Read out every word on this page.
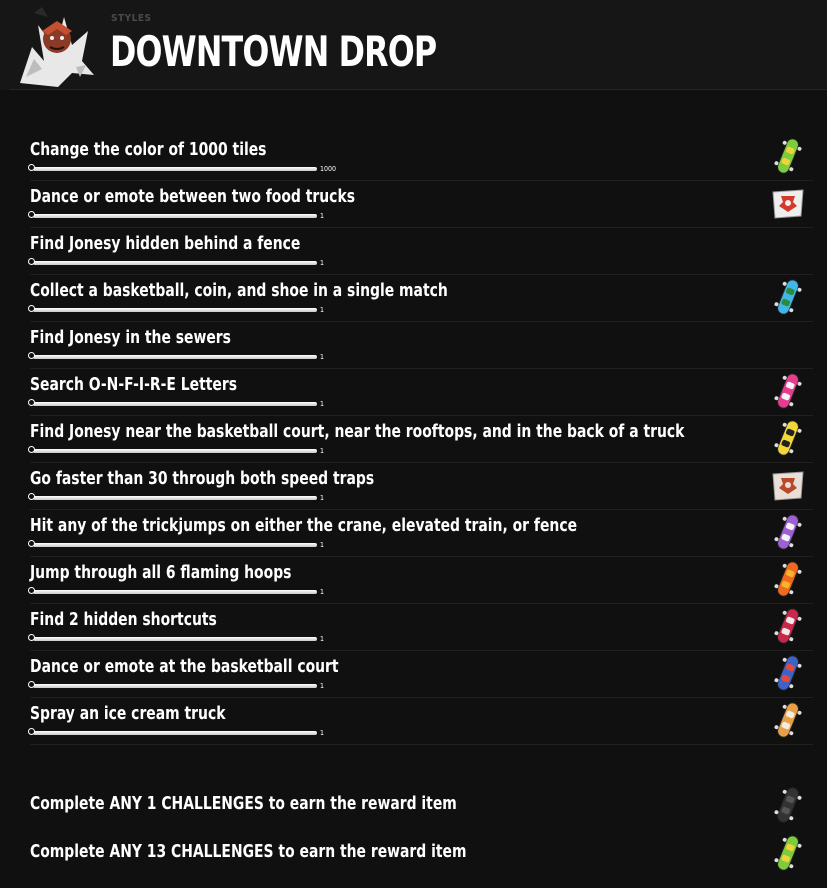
STYLES
DOWNTOWN DROP
Change the color of 1000 tiles
1000
Dance or emote between two food trucks
1
Find Jonesy hidden behind a fence
1
Collect a basketball, coin, and shoe in a single match
1
Find Jonesy in the sewers
1
Search O-N-F-I-R-E Letters
1
Find Jonesy near the basketball court, near the rooftops, and in the back of a truck
1
Go faster than 30 through both speed traps
1
Hit any of the trickjumps on either the crane, elevated train, or fence
1
Jump through all 6 flaming hoops
1
Find 2 hidden shortcuts
1
Dance or emote at the basketball court
1
Spray an ice cream truck
1
Complete ANY 1 CHALLENGES to earn the reward item
Complete ANY 13 CHALLENGES to earn the reward item
